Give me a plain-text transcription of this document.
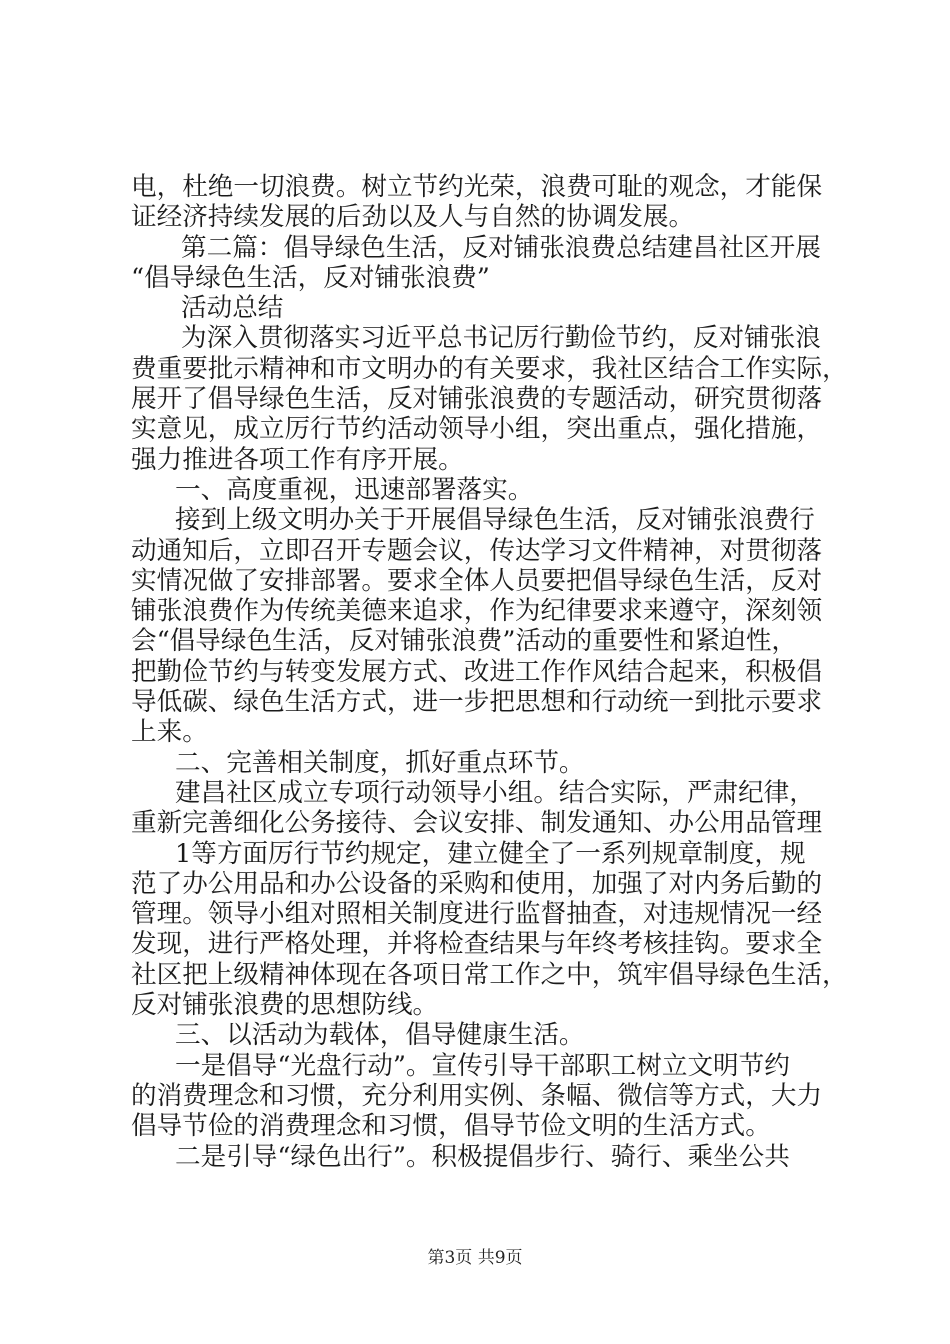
电，杜绝一切浪费。树立节约光荣，浪费可耻的观念，才能保
证经济持续发展的后劲以及人与自然的协调发展。
第二篇：倡导绿色生活，反对铺张浪费总结建昌社区开展
“倡导绿色生活，反对铺张浪费”
活动总结
为深入贯彻落实习近平总书记厉行勤俭节约，反对铺张浪
费重要批示精神和市文明办的有关要求，我社区结合工作实际，
展开了倡导绿色生活，反对铺张浪费的专题活动，研究贯彻落
实意见，成立厉行节约活动领导小组，突出重点，强化措施，
强力推进各项工作有序开展。
一、高度重视，迅速部署落实。
接到上级文明办关于开展倡导绿色生活，反对铺张浪费行
动通知后，立即召开专题会议，传达学习文件精神，对贯彻落
实情况做了安排部署。要求全体人员要把倡导绿色生活，反对
铺张浪费作为传统美德来追求，作为纪律要求来遵守，深刻领
会“倡导绿色生活，反对铺张浪费”活动的重要性和紧迫性，
把勤俭节约与转变发展方式、改进工作作风结合起来，积极倡
导低碳、绿色生活方式，进一步把思想和行动统一到批示要求
上来。
二、完善相关制度，抓好重点环节。
建昌社区成立专项行动领导小组。结合实际，严肃纪律，
重新完善细化公务接待、会议安排、制发通知、办公用品管理
1等方面厉行节约规定，建立健全了一系列规章制度，规
范了办公用品和办公设备的采购和使用，加强了对内务后勤的
管理。领导小组对照相关制度进行监督抽查，对违规情况一经
发现，进行严格处理，并将检查结果与年终考核挂钩。要求全
社区把上级精神体现在各项日常工作之中，筑牢倡导绿色生活，
反对铺张浪费的思想防线。
三、以活动为载体，倡导健康生活。
一是倡导“光盘行动”。宣传引导干部职工树立文明节约
的消费理念和习惯，充分利用实例、条幅、微信等方式，大力
倡导节俭的消费理念和习惯，倡导节俭文明的生活方式。
二是引导“绿色出行”。积极提倡步行、骑行、乘坐公共
第3页 共9页
